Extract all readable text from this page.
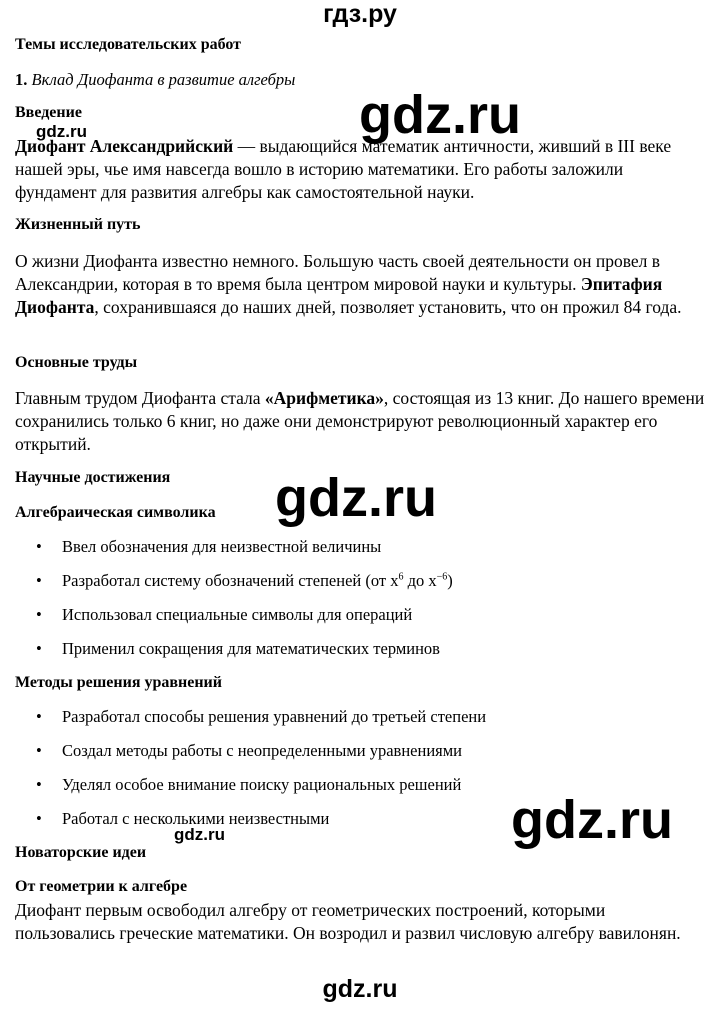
гдз.ру
Темы исследовательских работ
1. Вклад Диофанта в развитие алгебры
Введение
Диофант Александрийский — выдающийся математик античности, живший в III веке нашей эры, чье имя навсегда вошло в историю математики. Его работы заложили фундамент для развития алгебры как самостоятельной науки.
Жизненный путь
О жизни Диофанта известно немного. Большую часть своей деятельности он провел в Александрии, которая в то время была центром мировой науки и культуры. Эпитафия Диофанта, сохранившаяся до наших дней, позволяет установить, что он прожил 84 года.
Основные труды
Главным трудом Диофанта стала «Арифметика», состоящая из 13 книг. До нашего времени сохранились только 6 книг, но даже они демонстрируют революционный характер его открытий.
Научные достижения
Алгебраическая символика
• Ввел обозначения для неизвестной величины
• Разработал систему обозначений степеней (от $x^6$ до $x^{-6}$)
• Использовал специальные символы для операций
• Применил сокращения для математических терминов
Методы решения уравнений
• Разработал способы решения уравнений до третьей степени
• Создал методы работы с неопределенными уравнениями
• Уделял особое внимание поиску рациональных решений
• Работал с несколькими неизвестными
Новаторские идеи
От геометрии к алгебре
Диофант первым освободил алгебру от геометрических построений, которыми пользовались греческие математики. Он возродил и развил числовую алгебру вавилонян.
gdz.ru
gdz.ru
gdz.ru
gdz.ru
gdz.ru
gdz.ru
